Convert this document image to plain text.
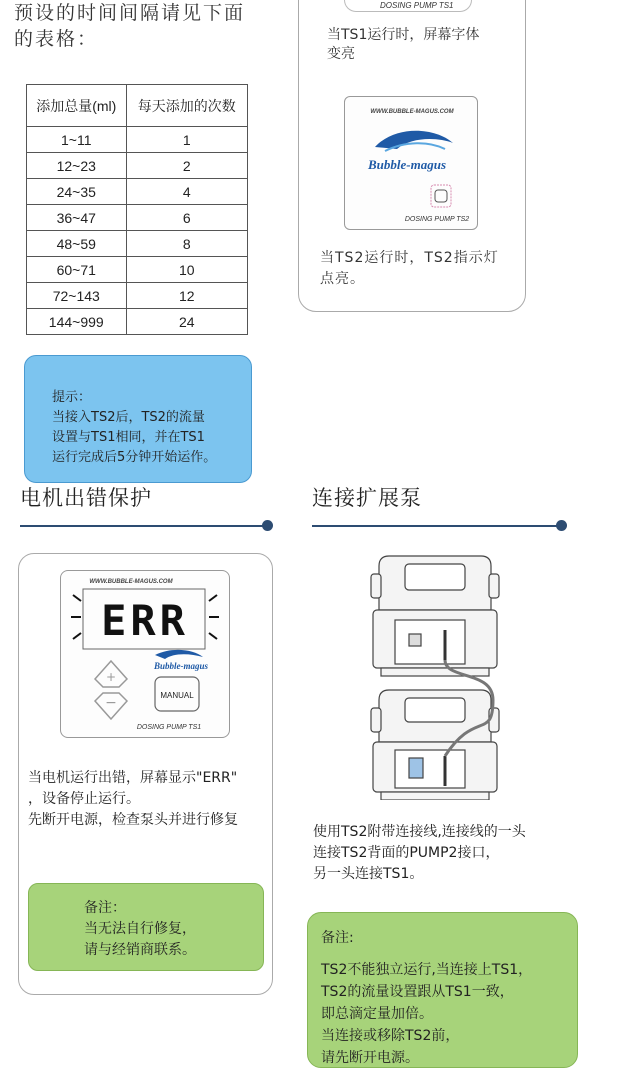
预设的时间间隔请见下面
的表格：
添加总量(ml)	每天添加的次数
1~11	1
12~23	2
24~35	4
36~47	6
48~59	8
60~71	10
72~143	12
144~999	24
提示：
当接入TS2后，TS2的流量
设置与TS1相同，并在TS1
运行完成后5分钟开始运作。
DOSING PUMP TS1
当TS1运行时，屏幕字体
变亮
WWW.BUBBLE-MAGUS.COM
Bubble-magus
DOSING PUMP TS2
当TS2运行时，TS2指示灯
点亮。
电机出错保护	连接扩展泵
WWW.BUBBLE-MAGUS.COM
ERR
+
−
Bubble-magus
MANUAL
DOSING PUMP TS1
当电机运行出错，屏幕显示"ERR"
，设备停止运行。
先断开电源，检查泵头并进行修复
备注：
当无法自行修复，
请与经销商联系。
使用TS2附带连接线,连接线的一头
连接TS2背面的PUMP2接口，
另一头连接TS1。
备注:
TS2不能独立运行,当连接上TS1，
TS2的流量设置跟从TS1一致，
即总滴定量加倍。
当连接或移除TS2前，
请先断开电源。
